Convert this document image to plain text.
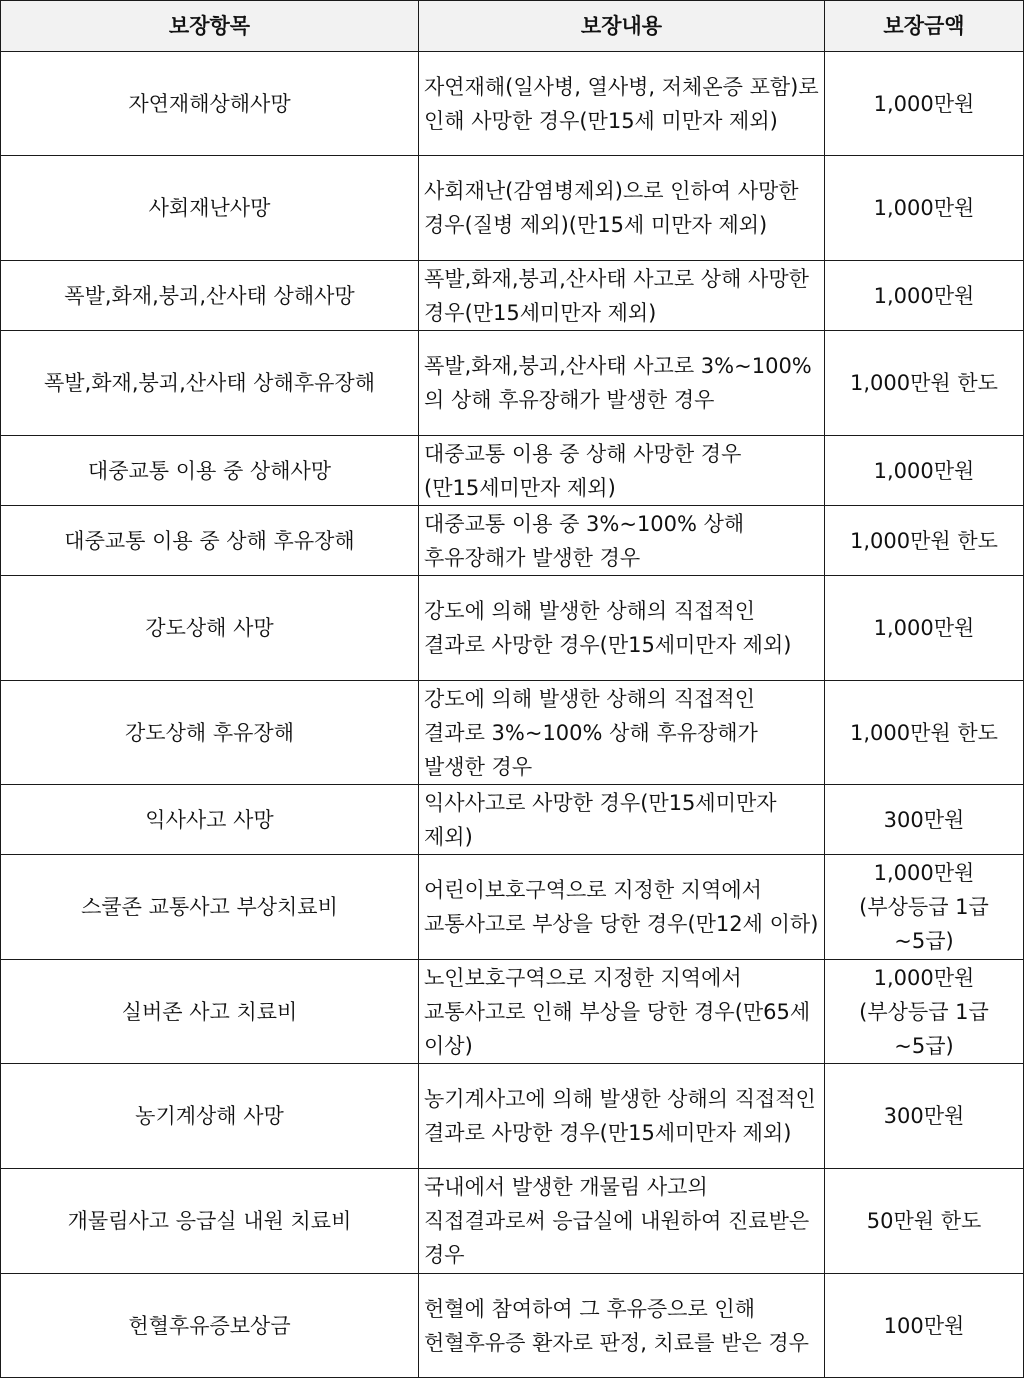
보장항목	보장내용	보장금액
자연재해상해사망	자연재해(일사병, 열사병, 저체온증 포함)로 인해 사망한 경우(만15세 미만자 제외)	1,000만원
사회재난사망	사회재난(감염병제외)으로 인하여 사망한 경우(질병 제외)(만15세 미만자 제외)	1,000만원
폭발,화재,붕괴,산사태 상해사망	폭발,화재,붕괴,산사태 사고로 상해 사망한 경우(만15세미만자 제외)	1,000만원
폭발,화재,붕괴,산사태 상해후유장해	폭발,화재,붕괴,산사태 사고로 3%~100%의 상해 후유장해가 발생한 경우	1,000만원 한도
대중교통 이용 중 상해사망	대중교통 이용 중 상해 사망한 경우(만15세미만자 제외)	1,000만원
대중교통 이용 중 상해 후유장해	대중교통 이용 중 3%~100% 상해 후유장해가 발생한 경우	1,000만원 한도
강도상해 사망	강도에 의해 발생한 상해의 직접적인 결과로 사망한 경우(만15세미만자 제외)	1,000만원
강도상해 후유장해	강도에 의해 발생한 상해의 직접적인 결과로 3%~100% 상해 후유장해가 발생한 경우	1,000만원 한도
익사사고 사망	익사사고로 사망한 경우(만15세미만자 제외)	300만원
스쿨존 교통사고 부상치료비	어린이보호구역으로 지정한 지역에서 교통사고로 부상을 당한 경우(만12세 이하)	1,000만원 (부상등급 1급~5급)
실버존 사고 치료비	노인보호구역으로 지정한 지역에서 교통사고로 인해 부상을 당한 경우(만65세 이상)	1,000만원 (부상등급 1급~5급)
농기계상해 사망	농기계사고에 의해 발생한 상해의 직접적인 결과로 사망한 경우(만15세미만자 제외)	300만원
개물림사고 응급실 내원 치료비	국내에서 발생한 개물림 사고의 직접결과로써 응급실에 내원하여 진료받은 경우	50만원 한도
헌혈후유증보상금	헌혈에 참여하여 그 후유증으로 인해 헌혈후유증 환자로 판정, 치료를 받은 경우	100만원
